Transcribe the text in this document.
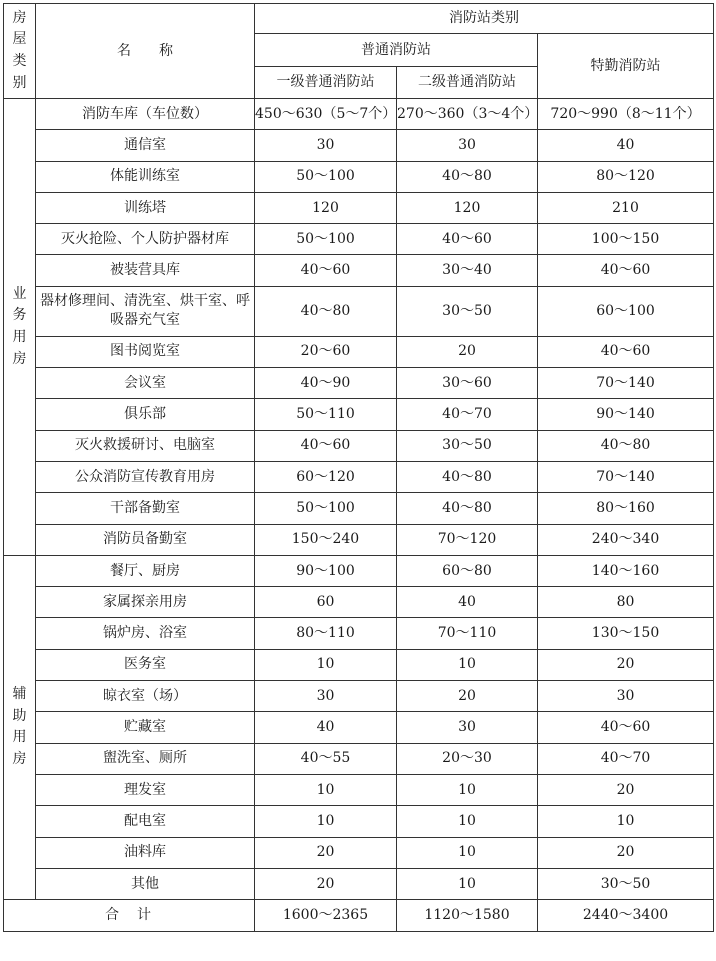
房屋类别	名　　称	消防站类别		
		普通消防站		特勤消防站
		一级普通消防站	二级普通消防站	
业务用房	消防车库（车位数）	450～630（5～7个）	270～360（3～4个）	720～990（8～11个）
	通信室	30	30	40
	体能训练室	50～100	40～80	80～120
	训练塔	120	120	210
	灭火抢险、个人防护器材库	50～100	40～60	100～150
	被装营具库	40～60	30～40	40～60
	器材修理间、清洗室、烘干室、呼吸器充气室	40～80	30～50	60～100
	图书阅览室	20～60	20	40～60
	会议室	40～90	30～60	70～140
	俱乐部	50～110	40～70	90～140
	灭火救援研讨、电脑室	40～60	30～50	40～80
	公众消防宣传教育用房	60～120	40～80	70～140
	干部备勤室	50～100	40～80	80～160
	消防员备勤室	150～240	70～120	240～340
辅助用房	餐厅、厨房	90～100	60～80	140～160
	家属探亲用房	60	40	80
	锅炉房、浴室	80～110	70～110	130～150
	医务室	10	10	20
	晾衣室（场）	30	20	30
	贮藏室	40	30	40～60
	盥洗室、厕所	40～55	20～30	40～70
	理发室	10	10	20
	配电室	10	10	10
	油料库	20	10	20
	其他	20	10	30～50
合　计		1600～2365	1120～1580	2440～3400
